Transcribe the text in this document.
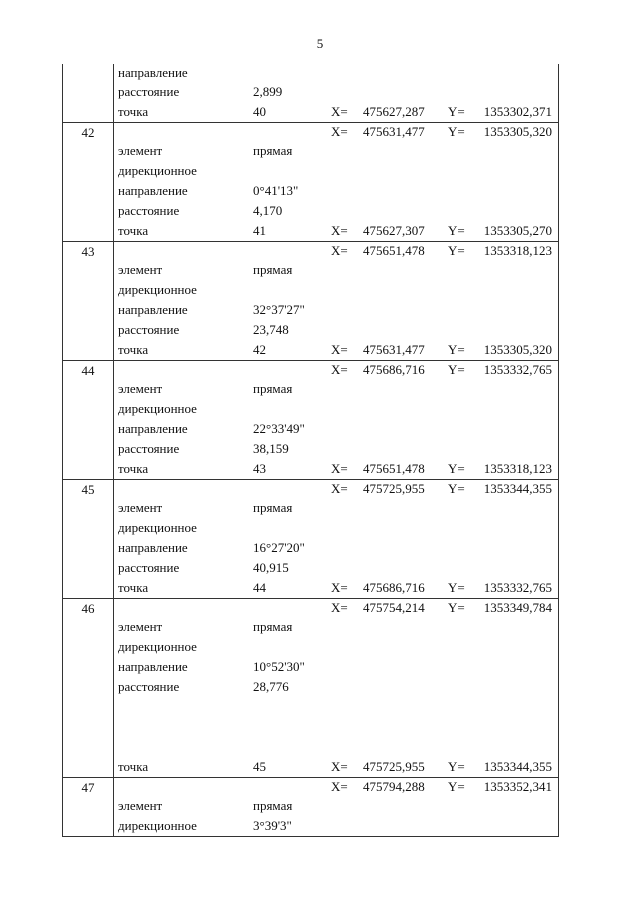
5
направление
расстояние	2,899
точка	40	X= 475627,287 Y= 1353302,371
42	X= 475631,477 Y= 1353305,320
элемент	прямая
дирекционное
направление	0°41'13"
расстояние	4,170
точка	41	X= 475627,307 Y= 1353305,270
43	X= 475651,478 Y= 1353318,123
элемент	прямая
дирекционное
направление	32°37'27"
расстояние	23,748
точка	42	X= 475631,477 Y= 1353305,320
44	X= 475686,716 Y= 1353332,765
элемент	прямая
дирекционное
направление	22°33'49"
расстояние	38,159
точка	43	X= 475651,478 Y= 1353318,123
45	X= 475725,955 Y= 1353344,355
элемент	прямая
дирекционное
направление	16°27'20"
расстояние	40,915
точка	44	X= 475686,716 Y= 1353332,765
46	X= 475754,214 Y= 1353349,784
элемент	прямая
дирекционное
направление	10°52'30"
расстояние	28,776
точка	45	X= 475725,955 Y= 1353344,355
47	X= 475794,288 Y= 1353352,341
элемент	прямая
дирекционное	3°39'3"
